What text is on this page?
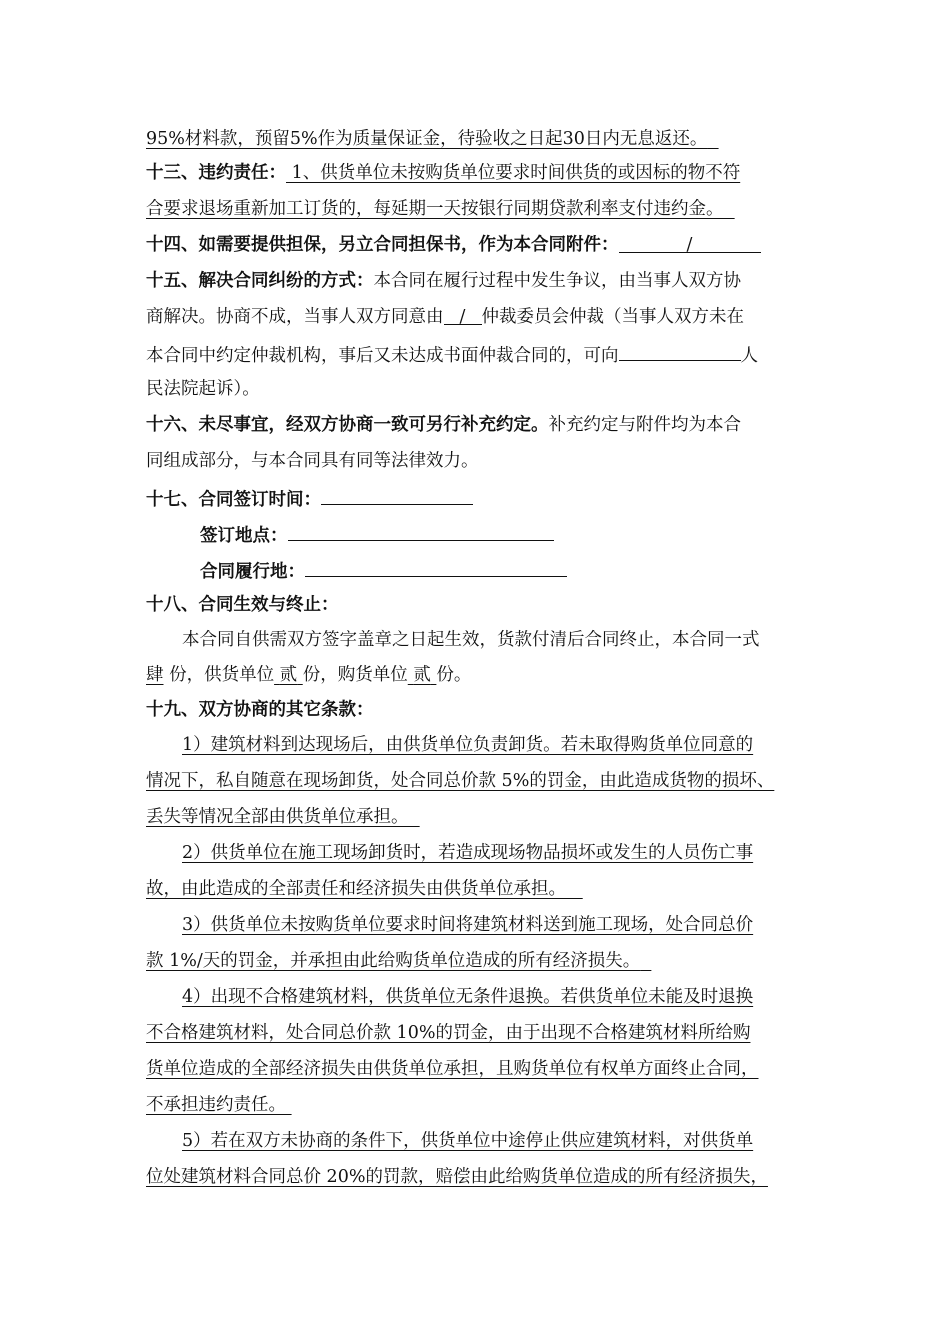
95%材料款，预留5%作为质量保证金，待验收之日起30日内无息返还。
十三、违约责任： 1、供货单位未按购货单位要求时间供货的或因标的物不符
合要求退场重新加工订货的，每延期一天按银行同期贷款利率支付违约金。
十四、如需要提供担保，另立合同担保书，作为本合同附件：	/
十五、解决合同纠纷的方式：本合同在履行过程中发生争议，由当事人双方协
商解决。协商不成，当事人双方同意由 / 仲裁委员会仲裁（当事人双方未在
本合同中约定仲裁机构，事后又未达成书面仲裁合同的，可向	人
民法院起诉）。
十六、未尽事宜，经双方协商一致可另行补充约定。补充约定与附件均为本合
同组成部分，与本合同具有同等法律效力。
十七、合同签订时间：
签订地点：
合同履行地：
十八、合同生效与终止：
本合同自供需双方签字盖章之日起生效，货款付清后合同终止，本合同一式
肆 份，供货单位 贰 份，购货单位 贰 份。
十九、双方协商的其它条款：
1）建筑材料到达现场后，由供货单位负责卸货。若未取得购货单位同意的
情况下，私自随意在现场卸货，处合同总价款 5%的罚金，由此造成货物的损坏、
丢失等情况全部由供货单位承担。
2）供货单位在施工现场卸货时，若造成现场物品损坏或发生的人员伤亡事
故，由此造成的全部责任和经济损失由供货单位承担。
3）供货单位未按购货单位要求时间将建筑材料送到施工现场，处合同总价
款 1%/天的罚金，并承担由此给购货单位造成的所有经济损失。
4）出现不合格建筑材料，供货单位无条件退换。若供货单位未能及时退换
不合格建筑材料，处合同总价款 10%的罚金，由于出现不合格建筑材料所给购
货单位造成的全部经济损失由供货单位承担，且购货单位有权单方面终止合同，
不承担违约责任。
5）若在双方未协商的条件下，供货单位中途停止供应建筑材料，对供货单
位处建筑材料合同总价 20%的罚款，赔偿由此给购货单位造成的所有经济损失，
